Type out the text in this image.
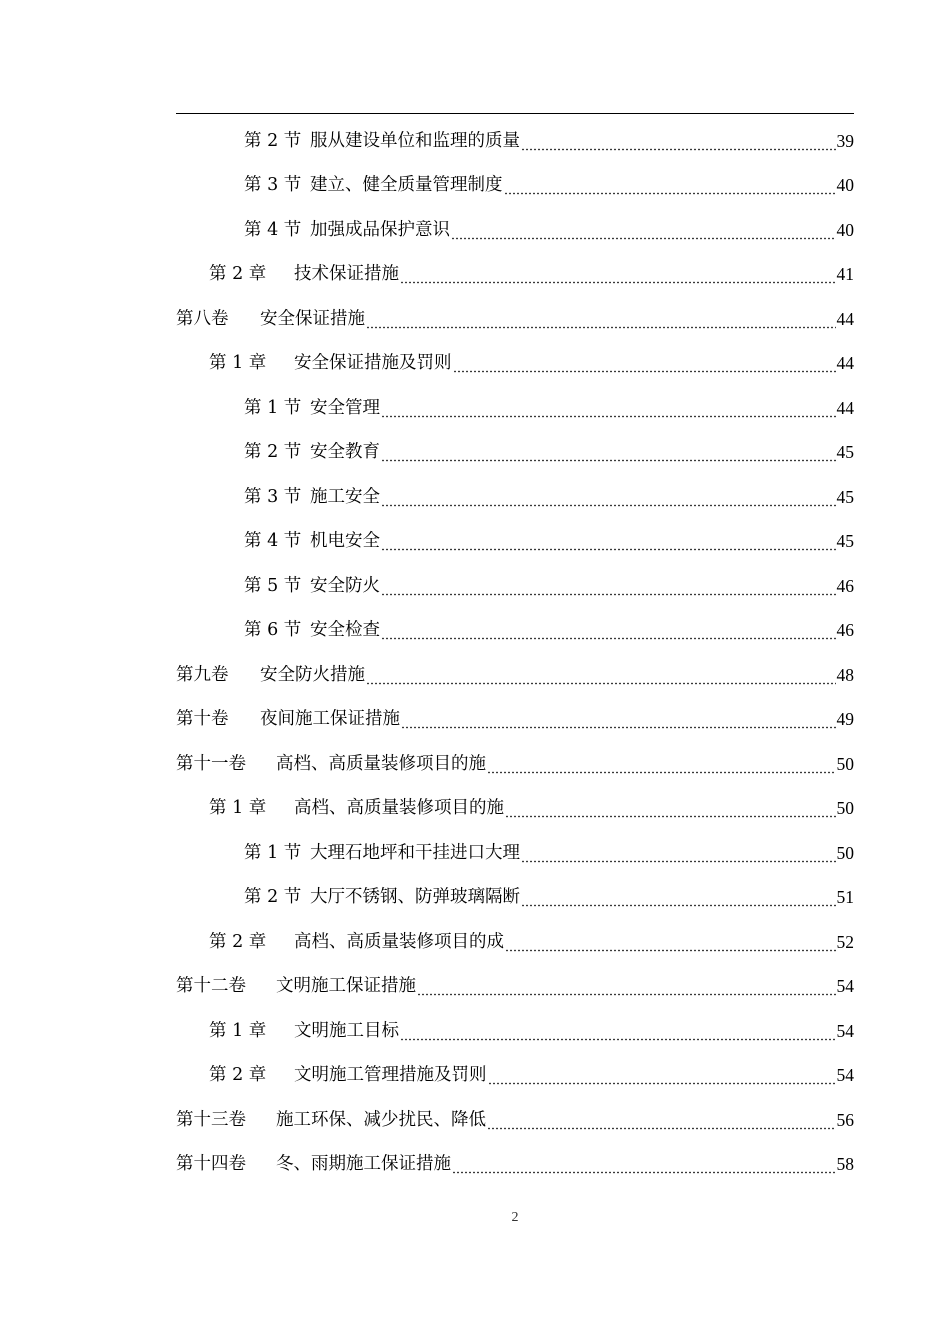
第 2 节 服从建设单位和监理的质量	39
第 3 节 建立、健全质量管理制度	40
第 4 节 加强成品保护意识	40
第 2 章	技术保证措施	41
第八卷	安全保证措施	44
第 1 章	安全保证措施及罚则	44
第 1 节 安全管理	44
第 2 节 安全教育	45
第 3 节 施工安全	45
第 4 节 机电安全	45
第 5 节 安全防火	46
第 6 节 安全检查	46
第九卷	安全防火措施	48
第十卷	夜间施工保证措施	49
第十一卷	高档、高质量装修项目的施	50
第 1 章	高档、高质量装修项目的施	50
第 1 节 大理石地坪和干挂进口大理	50
第 2 节 大厅不锈钢、防弹玻璃隔断	51
第 2 章	高档、高质量装修项目的成	52
第十二卷	文明施工保证措施	54
第 1 章	文明施工目标	54
第 2 章	文明施工管理措施及罚则	54
第十三卷	施工环保、减少扰民、降低	56
第十四卷	冬、雨期施工保证措施	58
2
